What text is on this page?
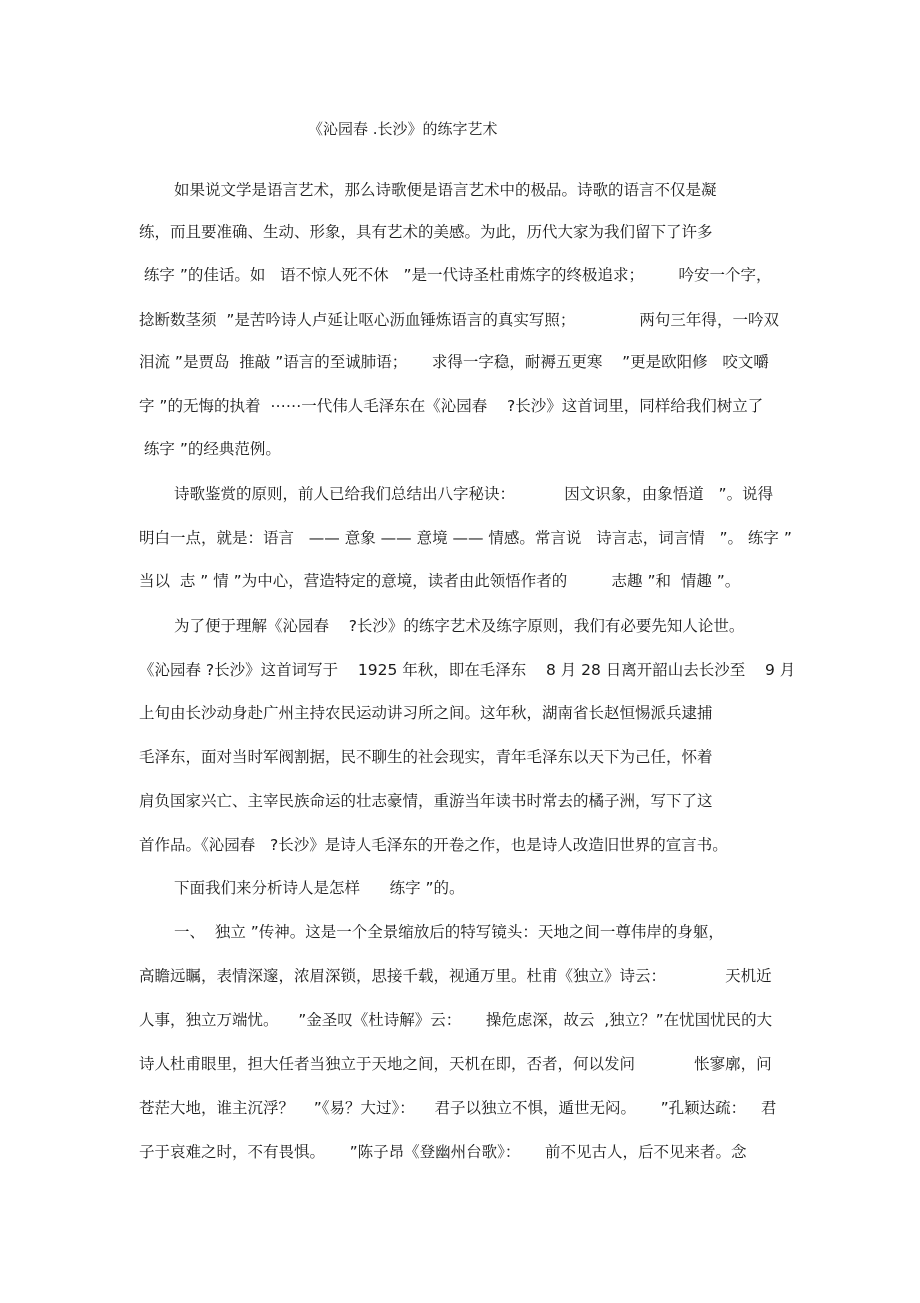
《沁园春 .长沙》的练字艺术
如果说文学是语言艺术，那么诗歌便是语言艺术中的极品。诗歌的语言不仅是凝
练，而且要准确、生动、形象，具有艺术的美感。为此，历代大家为我们留下了许多
练字 ”的佳话。如   语不惊人死不休   ”是一代诗圣杜甫炼字的终极追求；       吟安一个字，
捻断数茎须  ”是苦吟诗人卢延让呕心沥血锤炼语言的真实写照；             两句三年得，一吟双
泪流 ”是贾岛  推敲 ”语言的至诚肺语；     求得一字稳，耐褥五更寒    ”更是欧阳修   咬文嚼
字 ”的无悔的执着  ⋯⋯一代伟人毛泽东在《沁园春    ?长沙》这首词里，同样给我们树立了
练字 ”的经典范例。
诗歌鉴赏的原则，前人已给我们总结出八字秘诀：          因文识象，由象悟道   ”。说得
明白一点，就是：语言   —— 意象 —— 意境 —— 情感。常言说   诗言志，词言情   ”。 练字 ”
当以  志 ” 情 ”为中心，营造特定的意境，读者由此领悟作者的         志趣 ”和  情趣 ”。
为了便于理解《沁园春    ?长沙》的练字艺术及练字原则，我们有必要先知人论世。
《沁园春 ?长沙》这首词写于    1925 年秋，即在毛泽东    8 月 28 日离开韶山去长沙至    9 月
上旬由长沙动身赴广州主持农民运动讲习所之间。这年秋，湖南省长赵恒惕派兵逮捕
毛泽东，面对当时军阀割据，民不聊生的社会现实，青年毛泽东以天下为己任，怀着
肩负国家兴亡、主宰民族命运的壮志豪情，重游当年读书时常去的橘子洲，写下了这
首作品。《沁园春   ?长沙》是诗人毛泽东的开卷之作，也是诗人改造旧世界的宣言书。
下面我们来分析诗人是怎样      练字 ”的。
一、  独立 ”传神。这是一个全景缩放后的特写镜头：天地之间一尊伟岸的身躯，
高瞻远瞩，表情深邃，浓眉深锁，思接千载，视通万里。杜甫《独立》诗云：            天机近
人事，独立万端忧。    ”金圣叹《杜诗解》云：     操危虑深，故云  ,独立？”在忧国忧民的大
诗人杜甫眼里，担大任者当独立于天地之间，天机在即，否者，何以发问            怅寥廓，问
苍茫大地，谁主沉浮？    ”《易？大过》：    君子以独立不惧，遁世无闷。     ”孔颖达疏：   君
子于哀难之时，不有畏惧。     ”陈子昂《登幽州台歌》：     前不见古人，后不见来者。念
